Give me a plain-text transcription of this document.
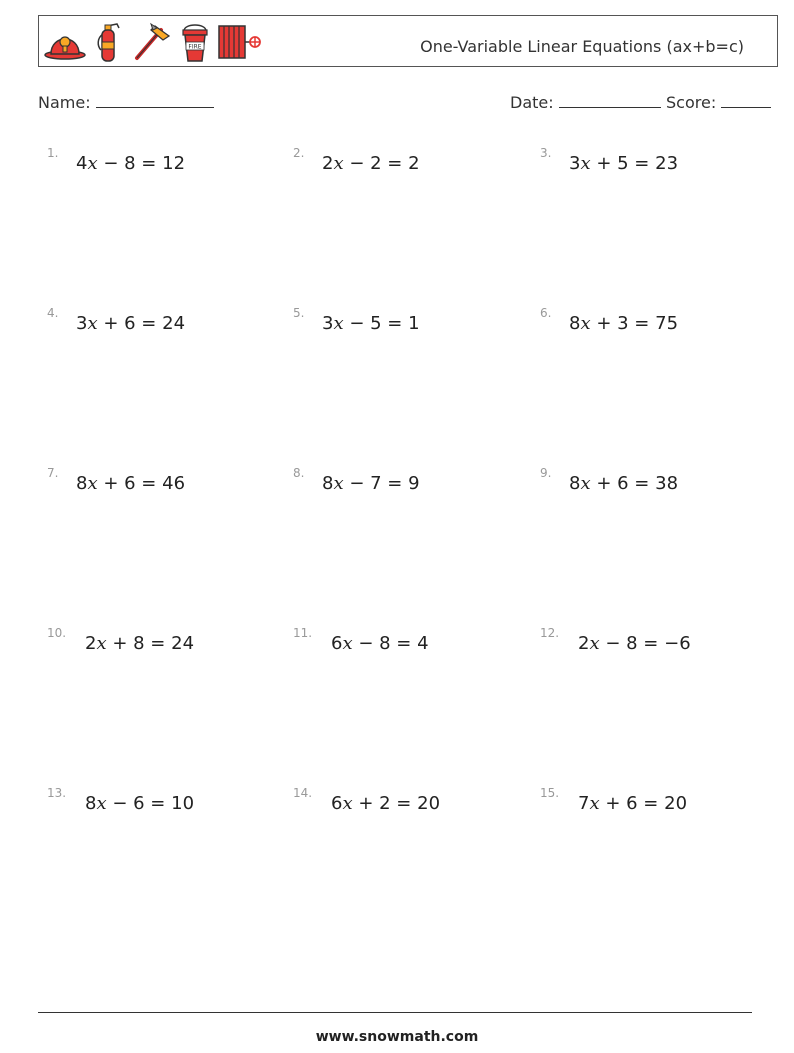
FIRE	One-Variable Linear Equations (ax+b=c)
Name:	Date:	Score:
1. 4x − 8 = 12	2. 2x − 2 = 2	3. 3x + 5 = 23
4. 3x + 6 = 24	5. 3x − 5 = 1	6. 8x + 3 = 75
7. 8x + 6 = 46	8. 8x − 7 = 9	9. 8x + 6 = 38
10. 2x + 8 = 24	11. 6x − 8 = 4	12. 2x − 8 = −6
13. 8x − 6 = 10	14. 6x + 2 = 20	15. 7x + 6 = 20
www.snowmath.com
